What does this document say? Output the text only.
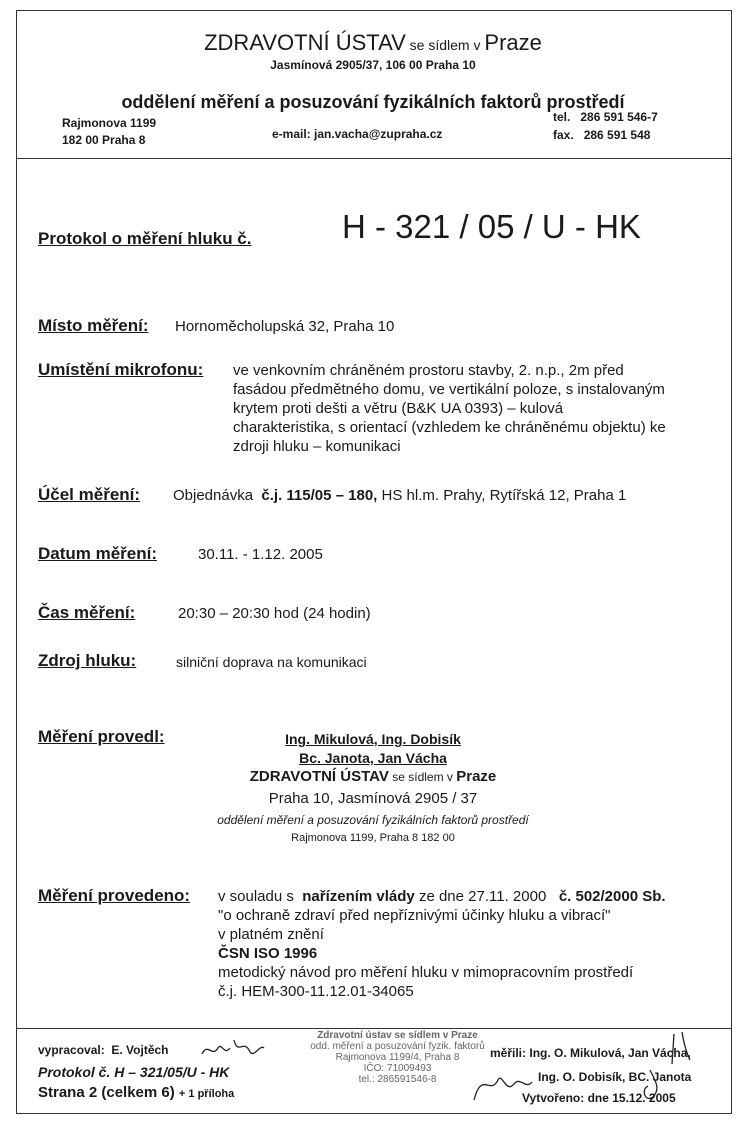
ZDRAVOTNÍ ÚSTAV se sídlem v Praze
Jasmínová 2905/37, 106 00 Praha 10
oddělení měření a posuzování fyzikálních faktorů prostředí
Rajmonova 1199
182 00 Praha 8	e-mail: jan.vacha@zupraha.cz
tel. 286 591 546-7
fax. 286 591 548
Protokol o měření hluku č.	H - 321 / 05 / U - HK
Místo měření: Hornoměcholupská 32, Praha 10
Umístění mikrofonu: ve venkovním chráněném prostoru stavby, 2. n.p., 2m před
fasádou předmětného domu, ve vertikální poloze, s instalovaným
krytem proti dešti a větru (B&K UA 0393) – kulová
charakteristika, s orientací (vzhledem ke chráněnému objektu) ke
zdroji hluku – komunikaci
Účel měření: Objednávka č.j. 115/05 – 180, HS hl.m. Prahy, Rytířská 12, Praha 1
Datum měření:	30.11. - 1.12. 2005
Čas měření:	20:30 – 20:30 hod (24 hodin)
Zdroj hluku:	silniční doprava na komunikaci
Měření provedl:	Ing. Mikulová, Ing. Dobisík
Bc. Janota, Jan Vácha
ZDRAVOTNÍ ÚSTAV se sídlem v Praze
Praha 10, Jasmínová 2905 / 37
oddělení měření a posuzování fyzikálních faktorů prostředí
Rajmonova 1199, Praha 8 182 00
Měření provedeno: v souladu s nařízením vlády ze dne 27.11. 2000 č. 502/2000 Sb.
"o ochraně zdraví před nepříznivými účinky hluku a vibrací"
v platném znění
ČSN ISO 1996
metodický návod pro měření hluku v mimopracovním prostředí
č.j. HEM-300-11.12.01-34065
vypracoval: E. Vojtěch
Protokol č. H – 321/05/U - HK
Strana 2 (celkem 6) + 1 příloha
Zdravotní ústav se sídlem v Praze
odd. měření a posuzování fyzik. faktorů
Rajmonova 1199/4, Praha 8
IČO: 71009493
tel.: 286591546-8
měřili: Ing. O. Mikulová, Jan Vácha,
Ing. O. Dobisík, BC. Janota
Vytvořeno: dne 15.12. 2005
